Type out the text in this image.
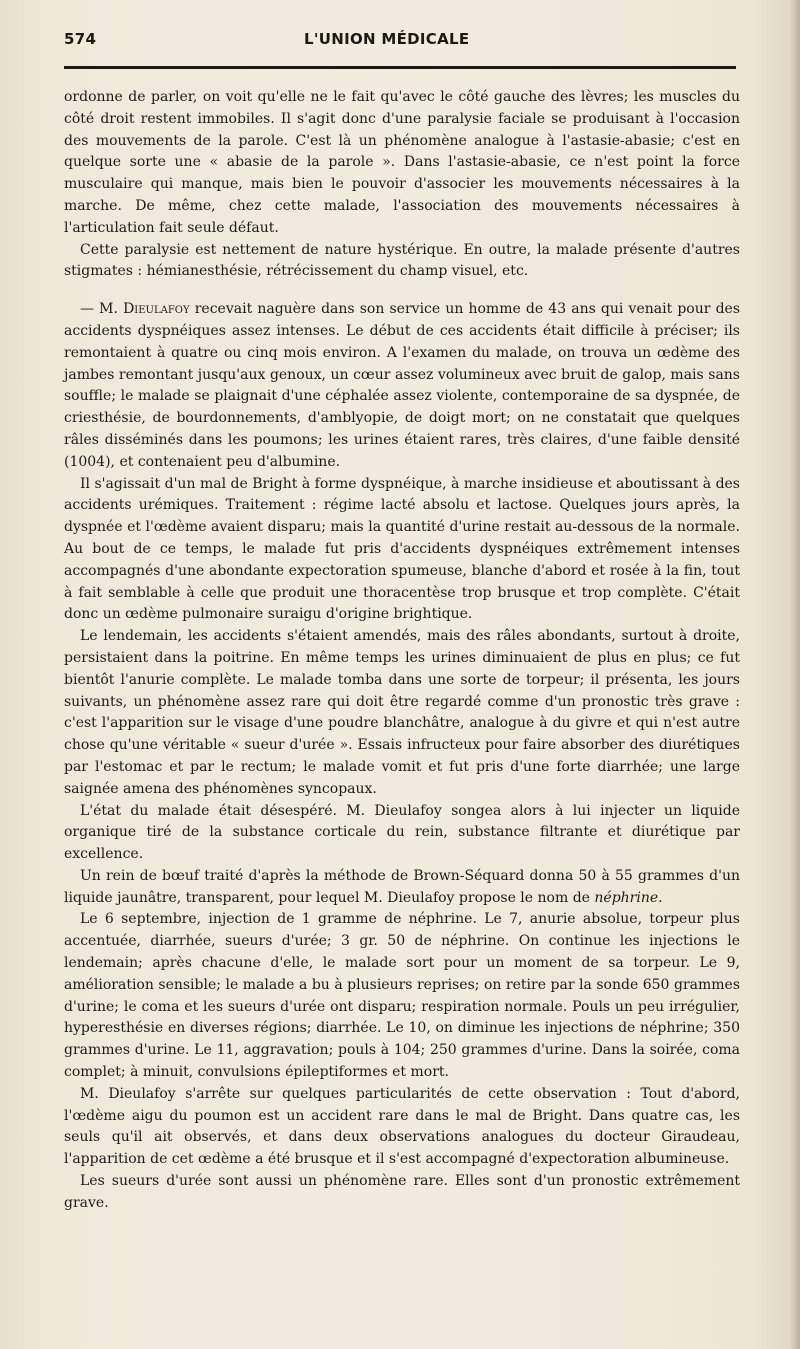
574	L'UNION MÉDICALE

ordonne de parler, on voit qu'elle ne le fait qu'avec le côté gauche des lèvres; les muscles du côté droit restent immobiles. Il s'agit donc d'une paralysie faciale se produisant à l'occasion des mouvements de la parole. C'est là un phénomène analogue à l'astasie-abasie; c'est en quelque sorte une « abasie de la parole ». Dans l'astasie-abasie, ce n'est point la force musculaire qui manque, mais bien le pouvoir d'associer les mouvements nécessaires à la marche. De même, chez cette malade, l'association des mouvements nécessaires à l'articulation fait seule défaut.

Cette paralysie est nettement de nature hystérique. En outre, la malade présente d'autres stigmates : hémianesthésie, rétrécissement du champ visuel, etc.

— M. Dieulafoy recevait naguère dans son service un homme de 43 ans qui venait pour des accidents dyspnéiques assez intenses. Le début de ces accidents était difficile à préciser; ils remontaient à quatre ou cinq mois environ. A l'examen du malade, on trouva un œdème des jambes remontant jusqu'aux genoux, un cœur assez volumineux avec bruit de galop, mais sans souffle; le malade se plaignait d'une céphalée assez violente, contemporaine de sa dyspnée, de criesthésie, de bourdonnements, d'amblyopie, de doigt mort; on ne constatait que quelques râles disséminés dans les poumons; les urines étaient rares, très claires, d'une faible densité (1004), et contenaient peu d'albumine.

Il s'agissait d'un mal de Bright à forme dyspnéique, à marche insidieuse et aboutissant à des accidents urémiques. Traitement : régime lacté absolu et lactose. Quelques jours après, la dyspnée et l'œdème avaient disparu; mais la quantité d'urine restait au-dessous de la normale. Au bout de ce temps, le malade fut pris d'accidents dyspnéiques extrêmement intenses accompagnés d'une abondante expectoration spumeuse, blanche d'abord et rosée à la fin, tout à fait semblable à celle que produit une thoracentèse trop brusque et trop complète. C'était donc un œdème pulmonaire suraigu d'origine brightique.

Le lendemain, les accidents s'étaient amendés, mais des râles abondants, surtout à droite, persistaient dans la poitrine. En même temps les urines diminuaient de plus en plus; ce fut bientôt l'anurie complète. Le malade tomba dans une sorte de torpeur; il présenta, les jours suivants, un phénomène assez rare qui doit être regardé comme d'un pronostic très grave : c'est l'apparition sur le visage d'une poudre blanchâtre, analogue à du givre et qui n'est autre chose qu'une véritable « sueur d'urée ». Essais infructeux pour faire absorber des diurétiques par l'estomac et par le rectum; le malade vomit et fut pris d'une forte diarrhée; une large saignée amena des phénomènes syncopaux.

L'état du malade était désespéré. M. Dieulafoy songea alors à lui injecter un liquide organique tiré de la substance corticale du rein, substance filtrante et diurétique par excellence.

Un rein de bœuf traité d'après la méthode de Brown-Séquard donna 50 à 55 grammes d'un liquide jaunâtre, transparent, pour lequel M. Dieulafoy propose le nom de néphrine.

Le 6 septembre, injection de 1 gramme de néphrine. Le 7, anurie absolue, torpeur plus accentuée, diarrhée, sueurs d'urée; 3 gr. 50 de néphrine. On continue les injections le lendemain; après chacune d'elle, le malade sort pour un moment de sa torpeur. Le 9, amélioration sensible; le malade a bu à plusieurs reprises; on retire par la sonde 650 grammes d'urine; le coma et les sueurs d'urée ont disparu; respiration normale. Pouls un peu irrégulier, hyperesthésie en diverses régions; diarrhée. Le 10, on diminue les injections de néphrine; 350 grammes d'urine. Le 11, aggravation; pouls à 104; 250 grammes d'urine. Dans la soirée, coma complet; à minuit, convulsions épileptiformes et mort.

M. Dieulafoy s'arrête sur quelques particularités de cette observation : Tout d'abord, l'œdème aigu du poumon est un accident rare dans le mal de Bright. Dans quatre cas, les seuls qu'il ait observés, et dans deux observations analogues du docteur Giraudeau, l'apparition de cet œdème a été brusque et il s'est accompagné d'expectoration albumineuse.

Les sueurs d'urée sont aussi un phénomène rare. Elles sont d'un pronostic extrêmement grave.
